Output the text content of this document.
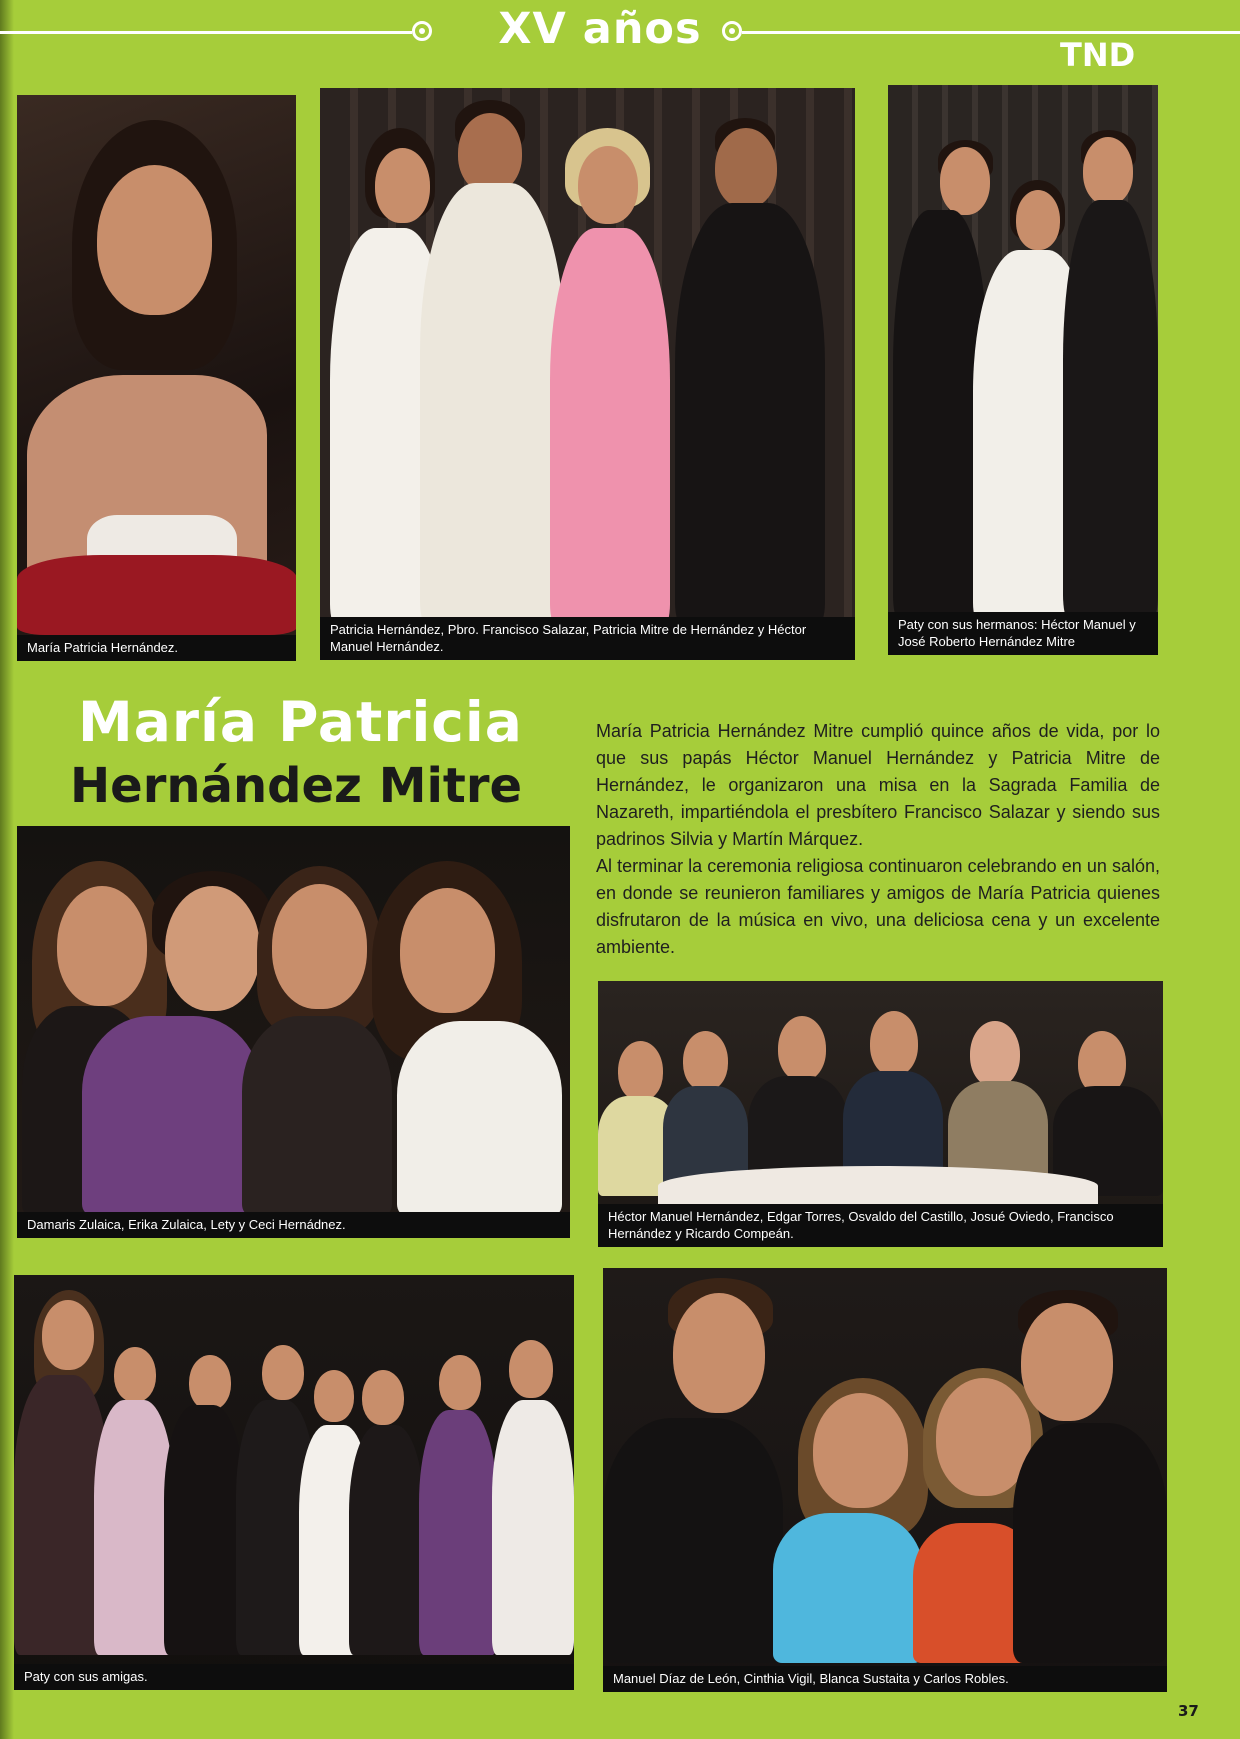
XV años
TND
María Patricia Hernández.
Patricia Hernández, Pbro. Francisco Salazar, Patricia Mitre de Hernández y Héctor Manuel Hernández.
Paty con sus hermanos: Héctor Manuel y José Roberto Hernández Mitre
María Patricia
Hernández Mitre

María Patricia Hernández Mitre cumplió quince años de vida, por lo que sus papás Héctor Manuel Hernández y Patricia Mitre de Hernández, le organizaron una misa en la Sagrada Familia de Nazareth, impartiéndola el presbítero Francisco Salazar y siendo sus padrinos Silvia y Martín Márquez.

Al terminar la ceremonia religiosa continuaron celebrando en un salón, en donde se reunieron familiares y amigos de María Patricia quienes disfrutaron de la música en vivo, una deliciosa cena y un excelente ambiente.

Damaris Zulaica, Erika Zulaica, Lety y Ceci Hernádnez.
Héctor Manuel Hernández, Edgar Torres, Osvaldo del Castillo, Josué Oviedo, Francisco Hernández y Ricardo Compeán.
Paty con sus amigas.	Manuel Díaz de León, Cinthia Vigil, Blanca Sustaita y Carlos Robles.
37
